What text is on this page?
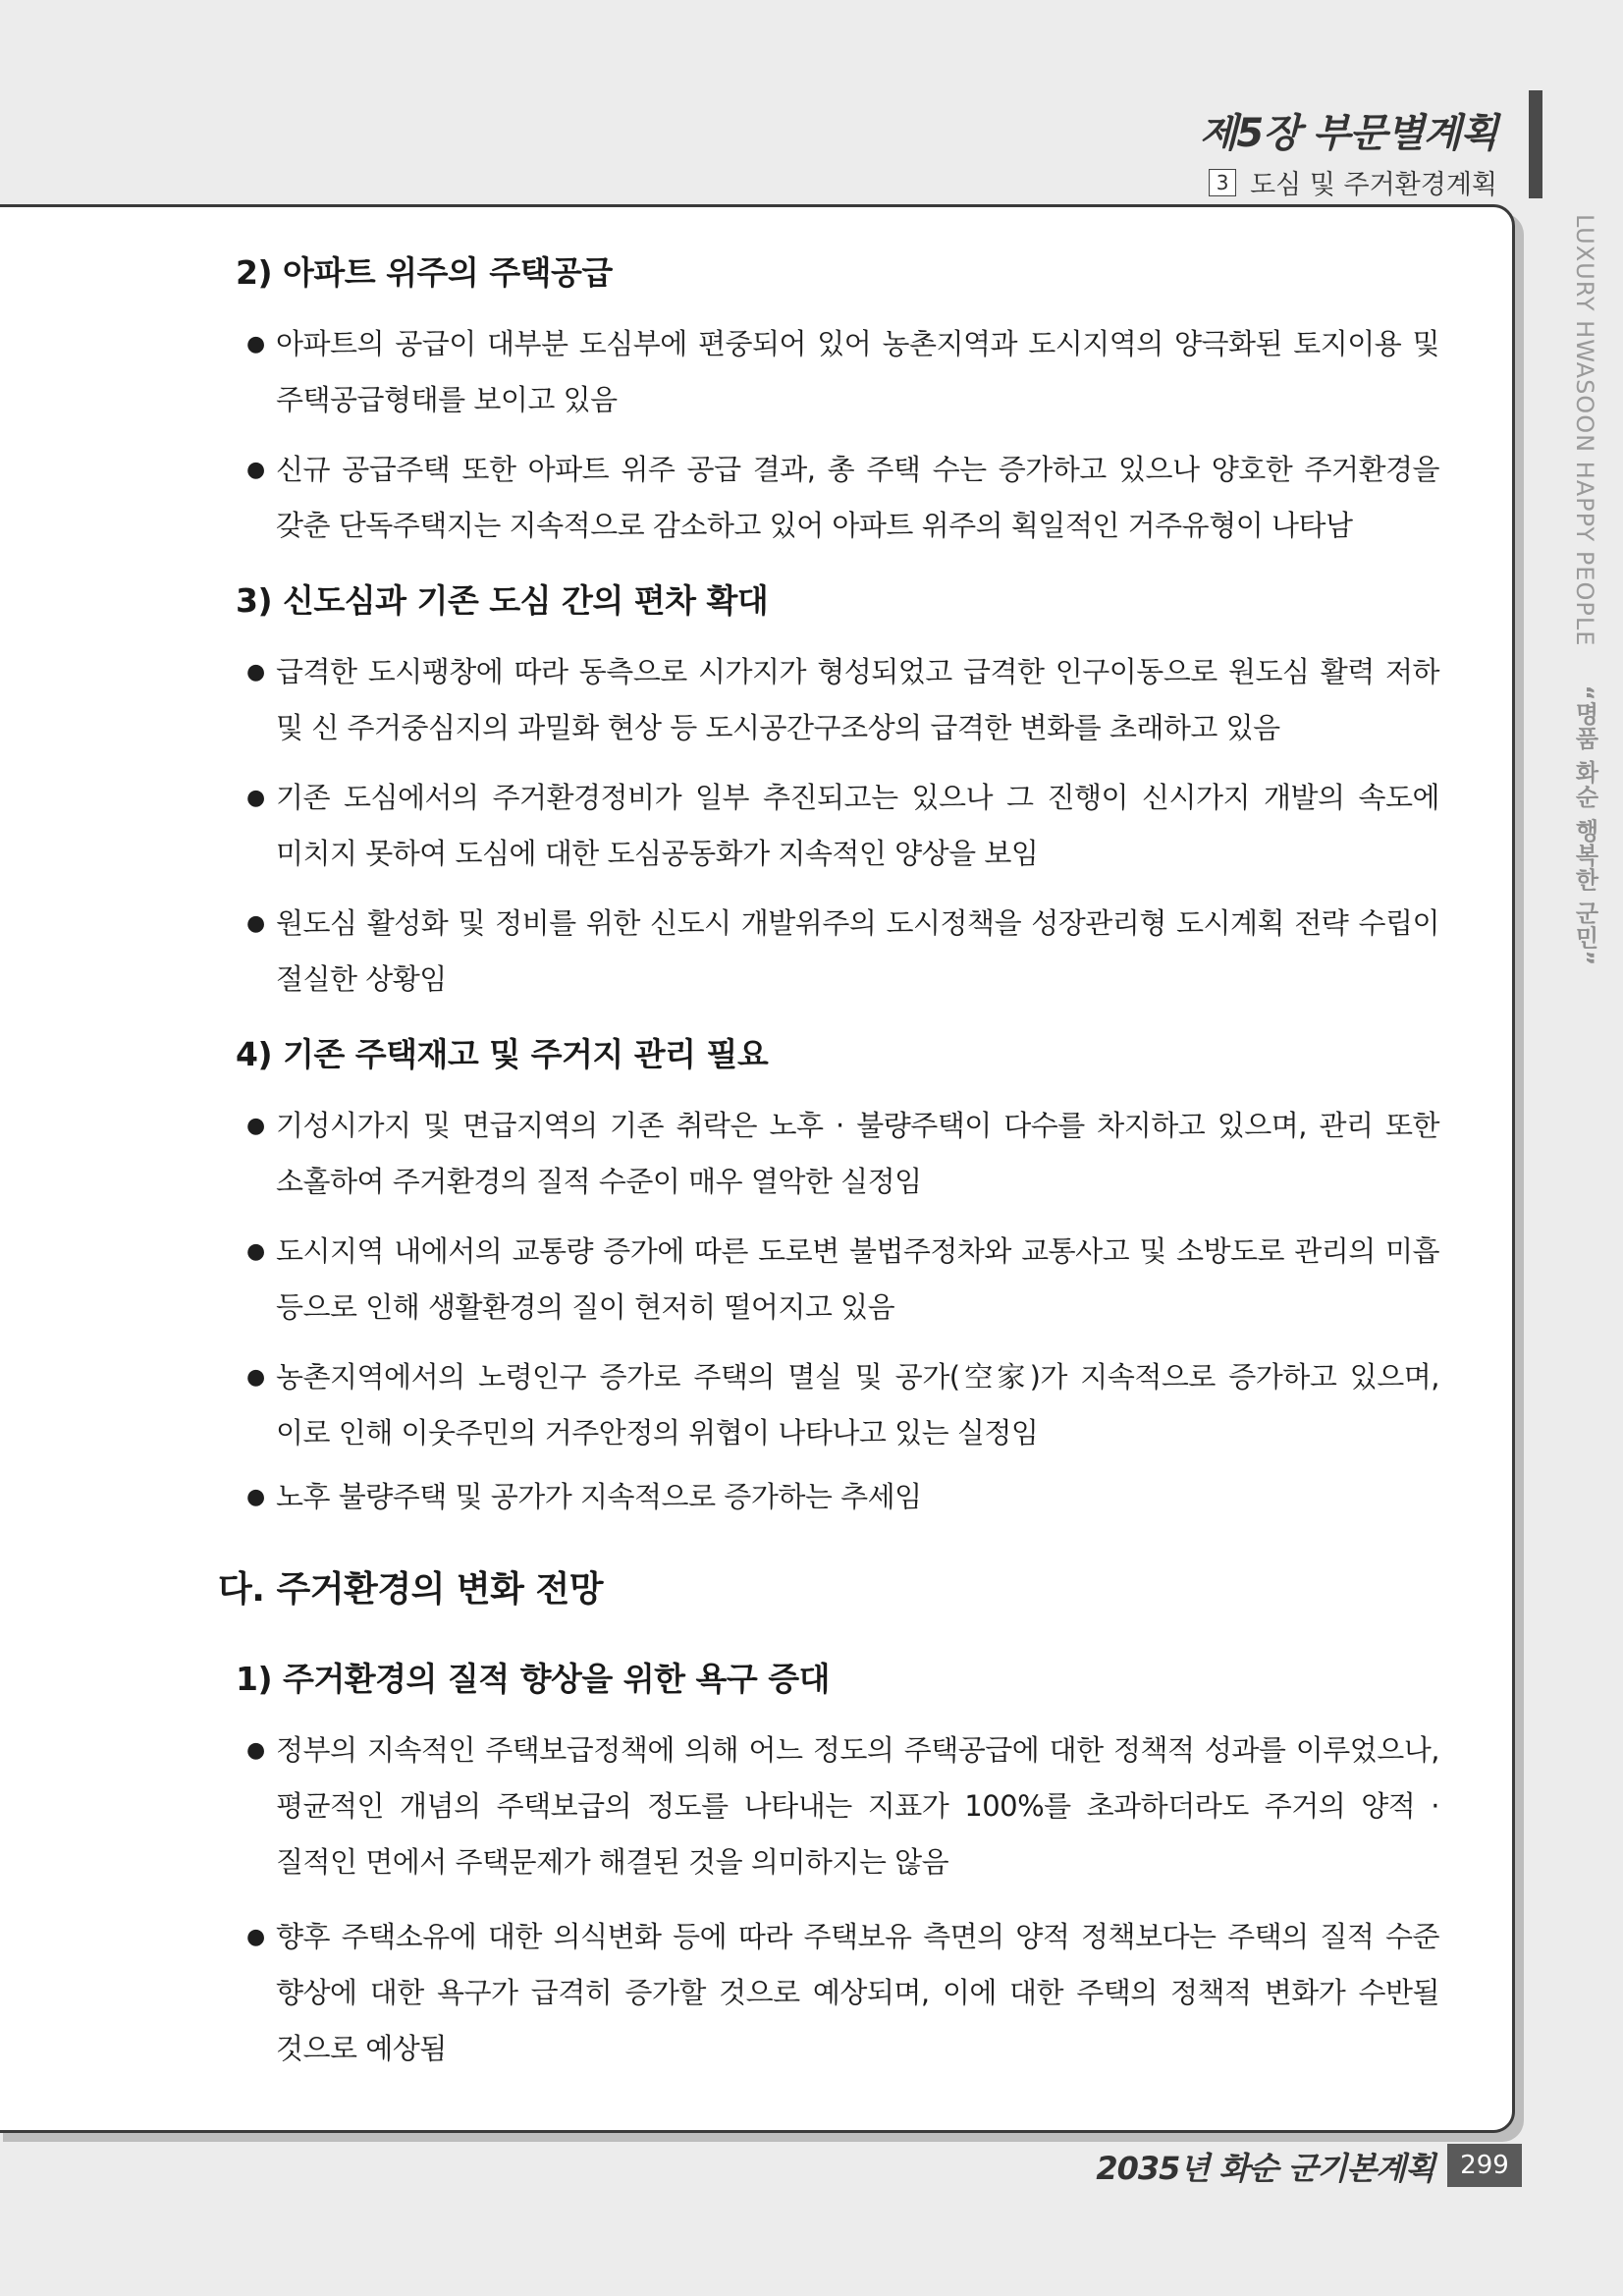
제5장 부문별계획
3 도심 및 주거환경계획
LUXURY HWASOON HAPPY PEOPLE  “명품 화순 행복한 군민”
2) 아파트 위주의 주택공급
● 아파트의 공급이 대부분 도심부에 편중되어 있어 농촌지역과 도시지역의 양극화된 토지이용 및 주택공급형태를 보이고 있음
● 신규 공급주택 또한 아파트 위주 공급 결과, 총 주택 수는 증가하고 있으나 양호한 주거환경을 갖춘 단독주택지는 지속적으로 감소하고 있어 아파트 위주의 획일적인 거주유형이 나타남
3) 신도심과 기존 도심 간의 편차 확대
● 급격한 도시팽창에 따라 동측으로 시가지가 형성되었고 급격한 인구이동으로 원도심 활력 저하 및 신 주거중심지의 과밀화 현상 등 도시공간구조상의 급격한 변화를 초래하고 있음
● 기존 도심에서의 주거환경정비가 일부 추진되고는 있으나 그 진행이 신시가지 개발의 속도에 미치지 못하여 도심에 대한 도심공동화가 지속적인 양상을 보임
● 원도심 활성화 및 정비를 위한 신도시 개발위주의 도시정책을 성장관리형 도시계획 전략 수립이 절실한 상황임
4) 기존 주택재고 및 주거지 관리 필요
● 기성시가지 및 면급지역의 기존 취락은 노후 · 불량주택이 다수를 차지하고 있으며, 관리 또한 소홀하여 주거환경의 질적 수준이 매우 열악한 실정임
● 도시지역 내에서의 교통량 증가에 따른 도로변 불법주정차와 교통사고 및 소방도로 관리의 미흡 등으로 인해 생활환경의 질이 현저히 떨어지고 있음
● 농촌지역에서의 노령인구 증가로 주택의 멸실 및 공가(空家)가 지속적으로 증가하고 있으며, 이로 인해 이웃주민의 거주안정의 위협이 나타나고 있는 실정임
● 노후 불량주택 및 공가가 지속적으로 증가하는 추세임
다. 주거환경의 변화 전망
1) 주거환경의 질적 향상을 위한 욕구 증대
● 정부의 지속적인 주택보급정책에 의해 어느 정도의 주택공급에 대한 정책적 성과를 이루었으나, 평균적인 개념의 주택보급의 정도를 나타내는 지표가 100%를 초과하더라도 주거의 양적 · 질적인 면에서 주택문제가 해결된 것을 의미하지는 않음
● 향후 주택소유에 대한 의식변화 등에 따라 주택보유 측면의 양적 정책보다는 주택의 질적 수준 향상에 대한 욕구가 급격히 증가할 것으로 예상되며, 이에 대한 주택의 정책적 변화가 수반될 것으로 예상됨
2035년 화순 군기본계획	299
